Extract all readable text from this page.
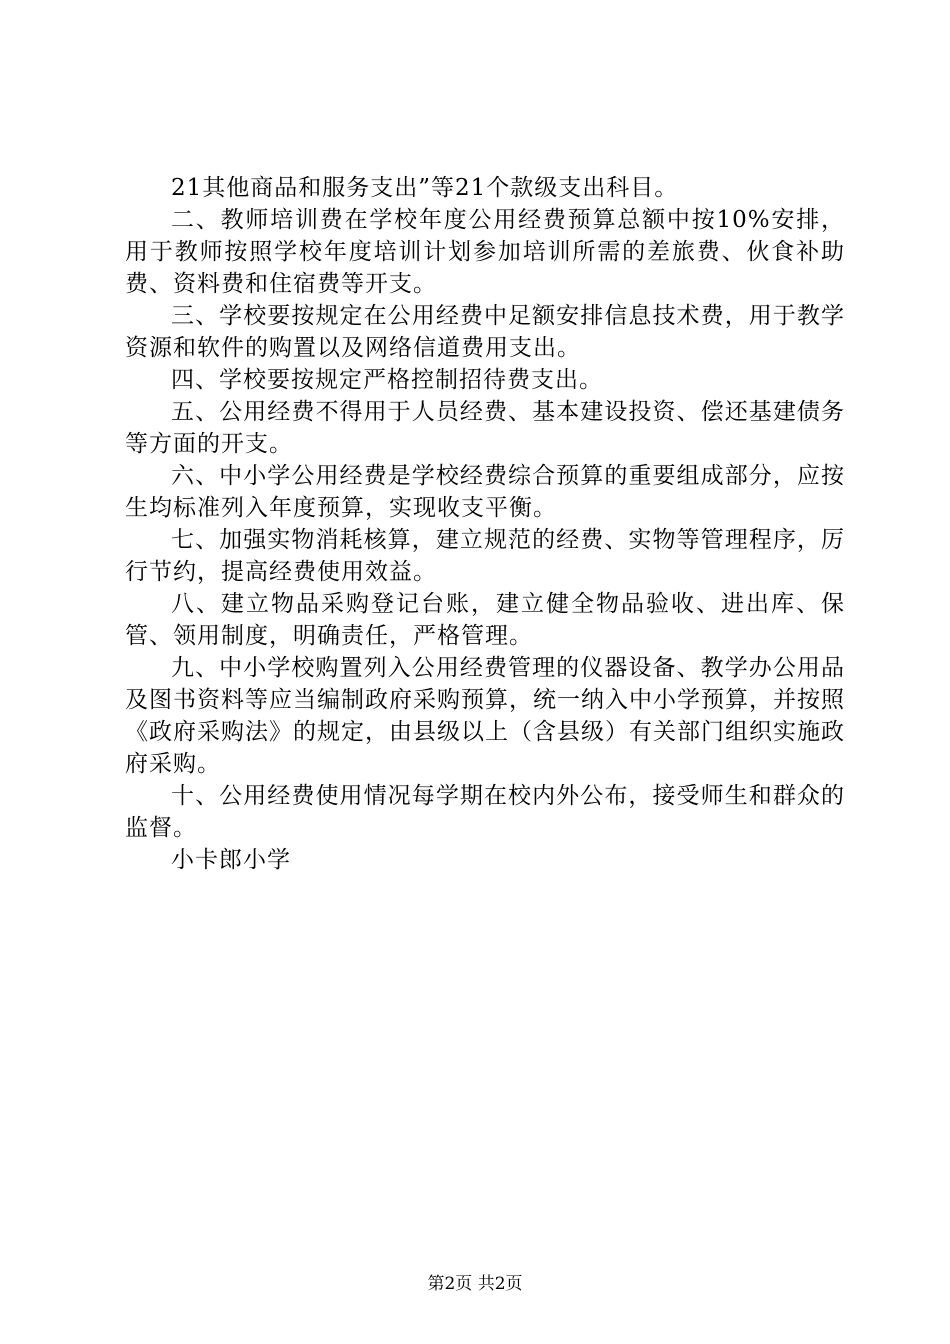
21其他商品和服务支出”等21个款级支出科目。

二、教师培训费在学校年度公用经费预算总额中按10%安排，用于教师按照学校年度培训计划参加培训所需的差旅费、伙食补助费、资料费和住宿费等开支。

三、学校要按规定在公用经费中足额安排信息技术费，用于教学资源和软件的购置以及网络信道费用支出。

四、学校要按规定严格控制招待费支出。

五、公用经费不得用于人员经费、基本建设投资、偿还基建债务等方面的开支。

六、中小学公用经费是学校经费综合预算的重要组成部分，应按生均标准列入年度预算，实现收支平衡。

七、加强实物消耗核算，建立规范的经费、实物等管理程序，厉行节约，提高经费使用效益。

八、建立物品采购登记台账，建立健全物品验收、进出库、保管、领用制度，明确责任，严格管理。

九、中小学校购置列入公用经费管理的仪器设备、教学办公用品及图书资料等应当编制政府采购预算，统一纳入中小学预算，并按照《政府采购法》的规定，由县级以上（含县级）有关部门组织实施政府采购。

十、公用经费使用情况每学期在校内外公布，接受师生和群众的监督。

小卡郎小学

第2页 共2页
